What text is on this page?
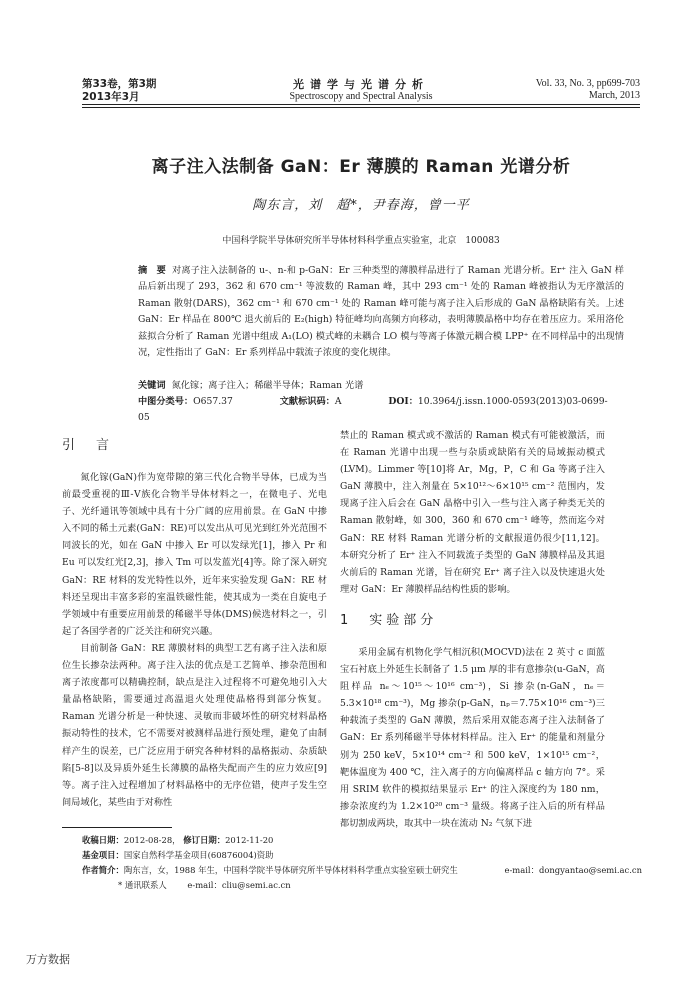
第33卷，第3期
2013年3月
光谱学与光谱分析
Spectroscopy and Spectral Analysis
Vol. 33, No. 3, pp699-703
March, 2013
离子注入法制备 GaN：Er 薄膜的 Raman 光谱分析
陶东言，刘　超*，尹春海，曾一平
中国科学院半导体研究所半导体材料科学重点实验室，北京　100083
摘　要 对离子注入法制备的 u-、n-和 p-GaN：Er 三种类型的薄膜样品进行了 Raman 光谱分析。Er⁺ 注入 GaN 样品后新出现了 293，362 和 670 cm⁻¹ 等波数的 Raman 峰，其中 293 cm⁻¹ 处的 Raman 峰被指认为无序激活的 Raman 散射(DARS)，362 cm⁻¹ 和 670 cm⁻¹ 处的 Raman 峰可能与离子注入后形成的 GaN 晶格缺陷有关。上述 GaN：Er 样品在 800℃ 退火前后的 E₂(high) 特征峰均向高频方向移动，表明薄膜晶格中均存在着压应力。采用洛伦兹拟合分析了 Raman 光谱中组成 A₁(LO) 模式峰的未耦合 LO 模与等离子体激元耦合模 LPP⁺ 在不同样品中的出现情况，定性指出了 GaN：Er 系列样品中载流子浓度的变化规律。
关键词 氮化镓；离子注入；稀磁半导体；Raman 光谱
中图分类号：O657.37	文献标识码：A	DOI：10.3964/j.issn.1000-0593(2013)03-0699-05
引　言

氮化镓(GaN)作为宽带隙的第三代化合物半导体，已成为当前最受重视的Ⅲ-Ⅴ族化合物半导体材料之一，在微电子、光电子、光纤通讯等领域中具有十分广阔的应用前景。在 GaN 中掺入不同的稀土元素(GaN：RE)可以发出从可见光到红外光范围不同波长的光，如在 GaN 中掺入 Er 可以发绿光[1]，掺入 Pr 和 Eu 可以发红光[2,3]，掺入 Tm 可以发蓝光[4]等。除了深入研究 GaN：RE 材料的发光特性以外，近年来实验发现 GaN：RE 材料还呈现出丰富多彩的室温铁磁性能，使其成为一类在自旋电子学领域中有重要应用前景的稀磁半导体(DMS)候选材料之一，引起了各国学者的广泛关注和研究兴趣。

目前制备 GaN：RE 薄膜材料的典型工艺有离子注入法和原位生长掺杂法两种。离子注入法的优点是工艺简单、掺杂范围和离子浓度都可以精确控制，缺点是注入过程将不可避免地引入大量晶格缺陷，需要通过高温退火处理使晶格得到部分恢复。Raman 光谱分析是一种快速、灵敏而非破坏性的研究材料晶格振动特性的技术，它不需要对被测样品进行预处理，避免了由制样产生的误差，已广泛应用于研究各种材料的晶格振动、杂质缺陷[5-8]以及异质外延生长薄膜的晶格失配而产生的应力效应[9]等。离子注入过程增加了材料晶格中的无序位错，使声子发生空间局域化，某些由于对称性

禁止的 Raman 模式或不激活的 Raman 模式有可能被激活，而在 Raman 光谱中出现一些与杂质或缺陷有关的局域振动模式(LVM)。Limmer 等[10]将 Ar，Mg，P，C 和 Ga 等离子注入 GaN 薄膜中，注入剂量在 5×10¹²～6×10¹⁵ cm⁻² 范围内，发现离子注入后会在 GaN 晶格中引入一些与注入离子种类无关的 Raman 散射峰，如 300，360 和 670 cm⁻¹ 峰等，然而迄今对 GaN：RE 材料 Raman 光谱分析的文献报道仍很少[11,12]。本研究分析了 Er⁺ 注入不同载流子类型的 GaN 薄膜样品及其退火前后的 Raman 光谱，旨在研究 Er⁺ 离子注入以及快速退火处理对 GaN：Er 薄膜样品结构性质的影响。

1　实验部分

采用金属有机物化学气相沉积(MOCVD)法在 2 英寸 c 面蓝宝石衬底上外延生长制备了 1.5 μm 厚的非有意掺杂(u-GaN，高阻样品 nₑ～10¹⁵～10¹⁶ cm⁻³)，Si 掺杂(n-GaN，nₑ＝5.3×10¹⁸ cm⁻³)，Mg 掺杂(p-GaN，nₚ＝7.75×10¹⁶ cm⁻³)三种载流子类型的 GaN 薄膜，然后采用双能态离子注入法制备了 GaN：Er 系列稀磁半导体材料样品。注入 Er⁺ 的能量和剂量分别为 250 keV，5×10¹⁴ cm⁻² 和 500 keV，1×10¹⁵ cm⁻²，靶体温度为 400 ℃，注入离子的方向偏离样品 c 轴方向 7°。采用 SRIM 软件的模拟结果显示 Er⁺ 的注入深度约为 180 nm，掺杂浓度约为 1.2×10²⁰ cm⁻³ 量级。将离子注入后的所有样品都切割成两块，取其中一块在流动 N₂ 气氛下进

收稿日期：2012-08-28， 修订日期：2012-11-20
基金项目：国家自然科学基金项目(60876004)资助
作者简介：陶东言，女，1988 年生，中国科学院半导体研究所半导体材料科学重点实验室硕士研究生	e-mail：dongyantao@semi.ac.cn
* 通讯联系人 e-mail：cliu@semi.ac.cn
万方数据
